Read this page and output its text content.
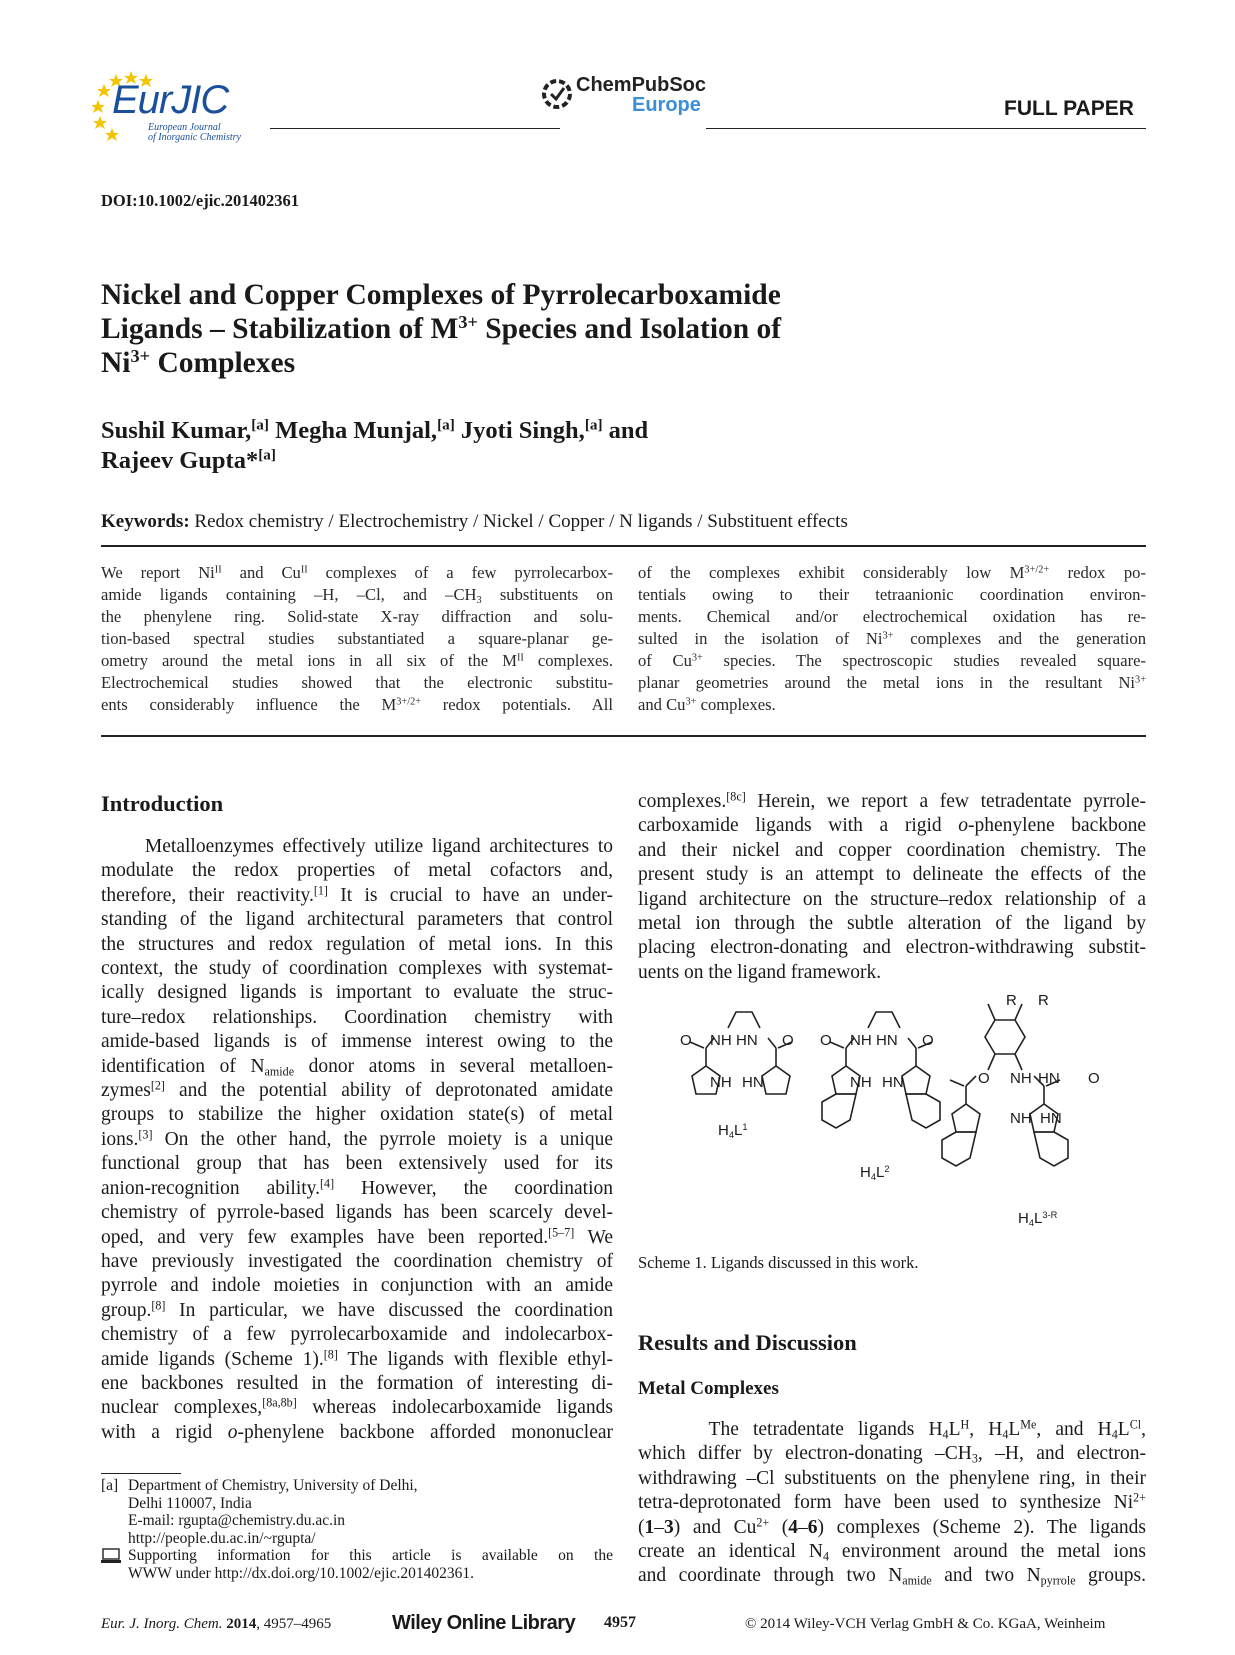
EurJIC
European Journal
of Inorganic Chemistry
ChemPubSoc
Europe	FULL PAPER
DOI:10.1002/ejic.201402361
Nickel and Copper Complexes of Pyrrolecarboxamide
Ligands – Stabilization of $M^{3+}$ Species and Isolation of
$Ni^{3+}$ Complexes
Sushil Kumar,[a] Megha Munjal,[a] Jyoti Singh,[a] and
Rajeev Gupta*[a]
Keywords: Redox chemistry / Electrochemistry / Nickel / Copper / N ligands / Substituent effects
We report $Ni^{II}$ and $Cu^{II}$ complexes of a few pyrrolecarbox-
amide ligands containing –H, –Cl, and $-CH_3$ substituents on
the phenylene ring. Solid-state X-ray diffraction and solu-
tion-based spectral studies substantiated a square-planar ge-
ometry around the metal ions in all six of the $M^{II}$ complexes.
Electrochemical studies showed that the electronic substitu-
ents considerably influence the $M^{3+/2+}$ redox potentials. All
of the complexes exhibit considerably low $M^{3+/2+}$ redox po-
tentials owing to their tetraanionic coordination environ-
ments. Chemical and/or electrochemical oxidation has re-
sulted in the isolation of $Ni^{3+}$ complexes and the generation
of $Cu^{3+}$ species. The spectroscopic studies revealed square-
planar geometries around the metal ions in the resultant $Ni^{3+}$
and $Cu^{3+}$ complexes.
Introduction
Metalloenzymes effectively utilize ligand architectures to
modulate the redox properties of metal cofactors and,
therefore, their reactivity.[1] It is crucial to have an under-
standing of the ligand architectural parameters that control
the structures and redox regulation of metal ions. In this
context, the study of coordination complexes with systemat-
ically designed ligands is important to evaluate the struc-
ture–redox relationships. Coordination chemistry with
amide-based ligands is of immense interest owing to the
identification of $N_{amide}$ donor atoms in several metalloen-
zymes[2] and the potential ability of deprotonated amidate
groups to stabilize the higher oxidation state(s) of metal
ions.[3] On the other hand, the pyrrole moiety is a unique
functional group that has been extensively used for its
anion-recognition ability.[4] However, the coordination
chemistry of pyrrole-based ligands has been scarcely devel-
oped, and very few examples have been reported.[5–7] We
have previously investigated the coordination chemistry of
pyrrole and indole moieties in conjunction with an amide
group.[8] In particular, we have discussed the coordination
chemistry of a few pyrrolecarboxamide and indolecarbox-
amide ligands (Scheme 1).[8] The ligands with flexible ethyl-
ene backbones resulted in the formation of interesting di-
nuclear complexes,[8a,8b] whereas indolecarboxamide ligands
with a rigid o-phenylene backbone afforded mononuclear
complexes.[8c] Herein, we report a few tetradentate pyrrole-
carboxamide ligands with a rigid o-phenylene backbone
and their nickel and copper coordination chemistry. The
present study is an attempt to delineate the effects of the
ligand architecture on the structure–redox relationship of a
metal ion through the subtle alteration of the ligand by
placing electron-donating and electron-withdrawing substit-
uents on the ligand framework.
O NH HN O
NH HN
$H_4L^1$
O NH HN O
NH HN
$H_4L^2$
R R
O NH HN O
NH HN
$H_4L^{3-R}$
Scheme 1. Ligands discussed in this work.
Results and Discussion
Metal Complexes
The tetradentate ligands $H_4L^H$, $H_4L^{Me}$, and $H_4L^{Cl}$,
which differ by electron-donating $-CH_3$, –H, and electron-
withdrawing –Cl substituents on the phenylene ring, in their
tetra-deprotonated form have been used to synthesize $Ni^{2+}$
(1–3) and $Cu^{2+}$ (4–6) complexes (Scheme 2). The ligands
create an identical $N_4$ environment around the metal ions
and coordinate through two $N_{amide}$ and two $N_{pyrrole}$ groups.
[a] Department of Chemistry, University of Delhi,
Delhi 110007, India
E-mail: rgupta@chemistry.du.ac.in
http://people.du.ac.in/~rgupta/
Supporting information for this article is available on the
WWW under http://dx.doi.org/10.1002/ejic.201402361.
Eur. J. Inorg. Chem. 2014, 4957–4965	Wiley Online Library 4957	© 2014 Wiley-VCH Verlag GmbH & Co. KGaA, Weinheim
